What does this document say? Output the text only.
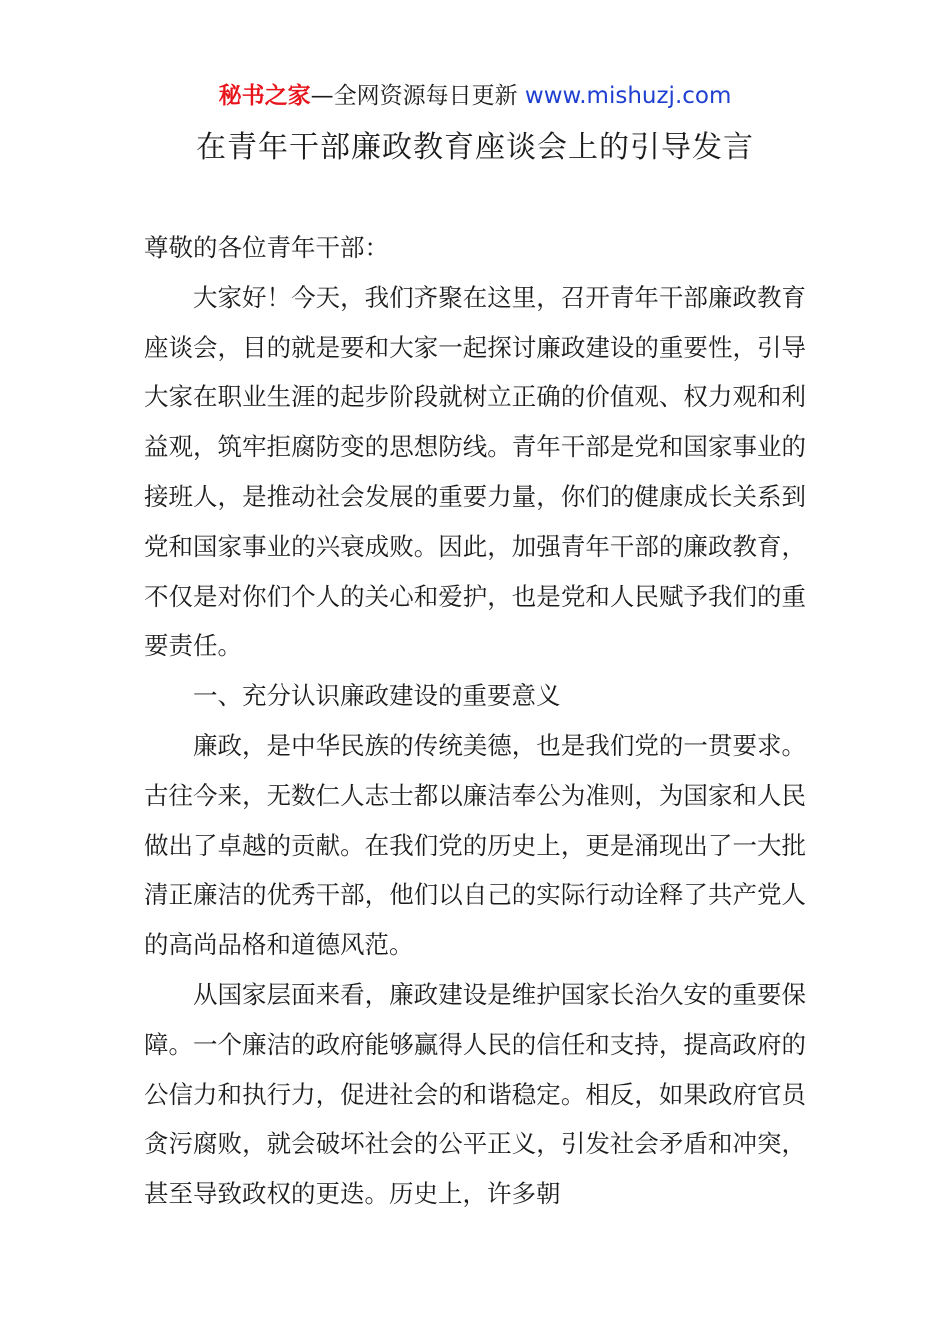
秘书之家—全网资源每日更新 www.mishuzj.com
在青年干部廉政教育座谈会上的引导发言

尊敬的各位青年干部：

大家好！今天，我们齐聚在这里，召开青年干部廉政教育座谈会，目的就是要和大家一起探讨廉政建设的重要性，引导大家在职业生涯的起步阶段就树立正确的价值观、权力观和利益观，筑牢拒腐防变的思想防线。青年干部是党和国家事业的接班人，是推动社会发展的重要力量，你们的健康成长关系到党和国家事业的兴衰成败。因此，加强青年干部的廉政教育，不仅是对你们个人的关心和爱护，也是党和人民赋予我们的重要责任。

一、充分认识廉政建设的重要意义

廉政，是中华民族的传统美德，也是我们党的一贯要求。古往今来，无数仁人志士都以廉洁奉公为准则，为国家和人民做出了卓越的贡献。在我们党的历史上，更是涌现出了一大批清正廉洁的优秀干部，他们以自己的实际行动诠释了共产党人的高尚品格和道德风范。

从国家层面来看，廉政建设是维护国家长治久安的重要保障。一个廉洁的政府能够赢得人民的信任和支持，提高政府的公信力和执行力，促进社会的和谐稳定。相反，如果政府官员贪污腐败，就会破坏社会的公平正义，引发社会矛盾和冲突，甚至导致政权的更迭。历史上，许多朝
